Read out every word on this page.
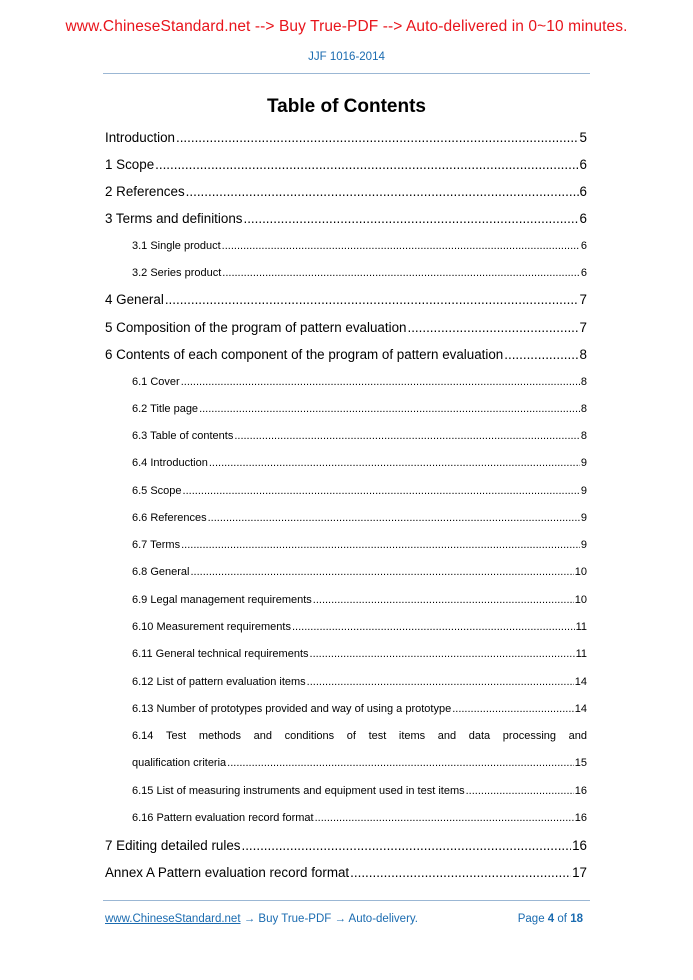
www.ChineseStandard.net --> Buy True-PDF --> Auto-delivered in 0~10 minutes.
JJF 1016-2014
Table of Contents
Introduction .....	5
1 Scope .....	6
2 References .....	6
3 Terms and definitions .....	6
3.1 Single product .....	6
3.2 Series product .....	6
4 General .....	7
5 Composition of the program of pattern evaluation .....	7
6 Contents of each component of the program of pattern evaluation .....	8
6.1 Cover .....	8
6.2 Title page .....	8
6.3 Table of contents .....	8
6.4 Introduction .....	9
6.5 Scope .....	9
6.6 References .....	9
6.7 Terms .....	9
6.8 General .....	10
6.9 Legal management requirements .....	10
6.10 Measurement requirements .....	11
6.11 General technical requirements .....	11
6.12 List of pattern evaluation items .....	14
6.13 Number of prototypes provided and way of using a prototype .....	14
6.14 Test methods and conditions of test items and data processing and
qualification criteria .....	15
6.15 List of measuring instruments and equipment used in test items .....	16
6.16 Pattern evaluation record format .....	16
7 Editing detailed rules .....	16
Annex A Pattern evaluation record format .....	17
www.ChineseStandard.net → Buy True-PDF → Auto-delivery.	Page 4 of 18
